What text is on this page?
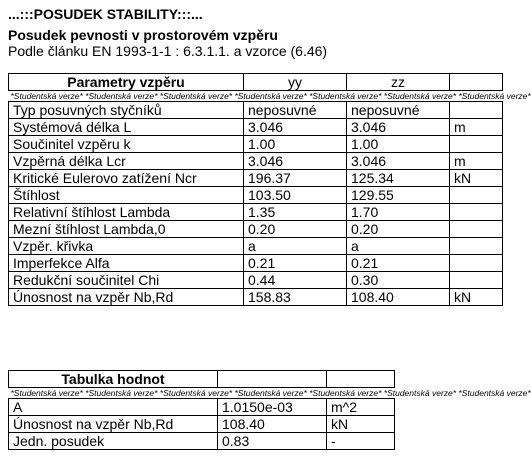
...:::POSUDEK STABILITY:::...
Posudek pevnosti v prostorovém vzpěru
Podle článku EN 1993-1-1 : 6.3.1.1. a vzorce (6.46)
Parametry vzpěru	yy	zz	
*Studentská verze* *Studentská verze* *Studentská verze* *Studentská verze* *Studentská verze* *Studentská verze* *Studentská verze*			
Typ posuvných styčníků	neposuvné	neposuvné	
Systémová délka L	3.046	3.046	m
Součinitel vzpěru k	1.00	1.00	
Vzpěrná délka Lcr	3.046	3.046	m
Kritické Eulerovo zatížení Ncr	196.37	125.34	kN
Štíhlost	103.50	129.55	
Relativní štíhlost Lambda	1.35	1.70	
Mezní štíhlost Lambda,0	0.20	0.20	
Vzpěr. křivka	a	a	
Imperfekce Alfa	0.21	0.21	
Redukční součinitel Chi	0.44	0.30	
Únosnost na vzpěr Nb,Rd	158.83	108.40	kN
Tabulka hodnot		
*Studentská verze* *Studentská verze* *Studentská verze* *Studentská verze* *Studentská verze* *Studentská verze* *Studentská verze*		
A	1.0150e-03	m^2
Únosnost na vzpěr Nb,Rd	108.40	kN
Jedn. posudek	0.83	-
